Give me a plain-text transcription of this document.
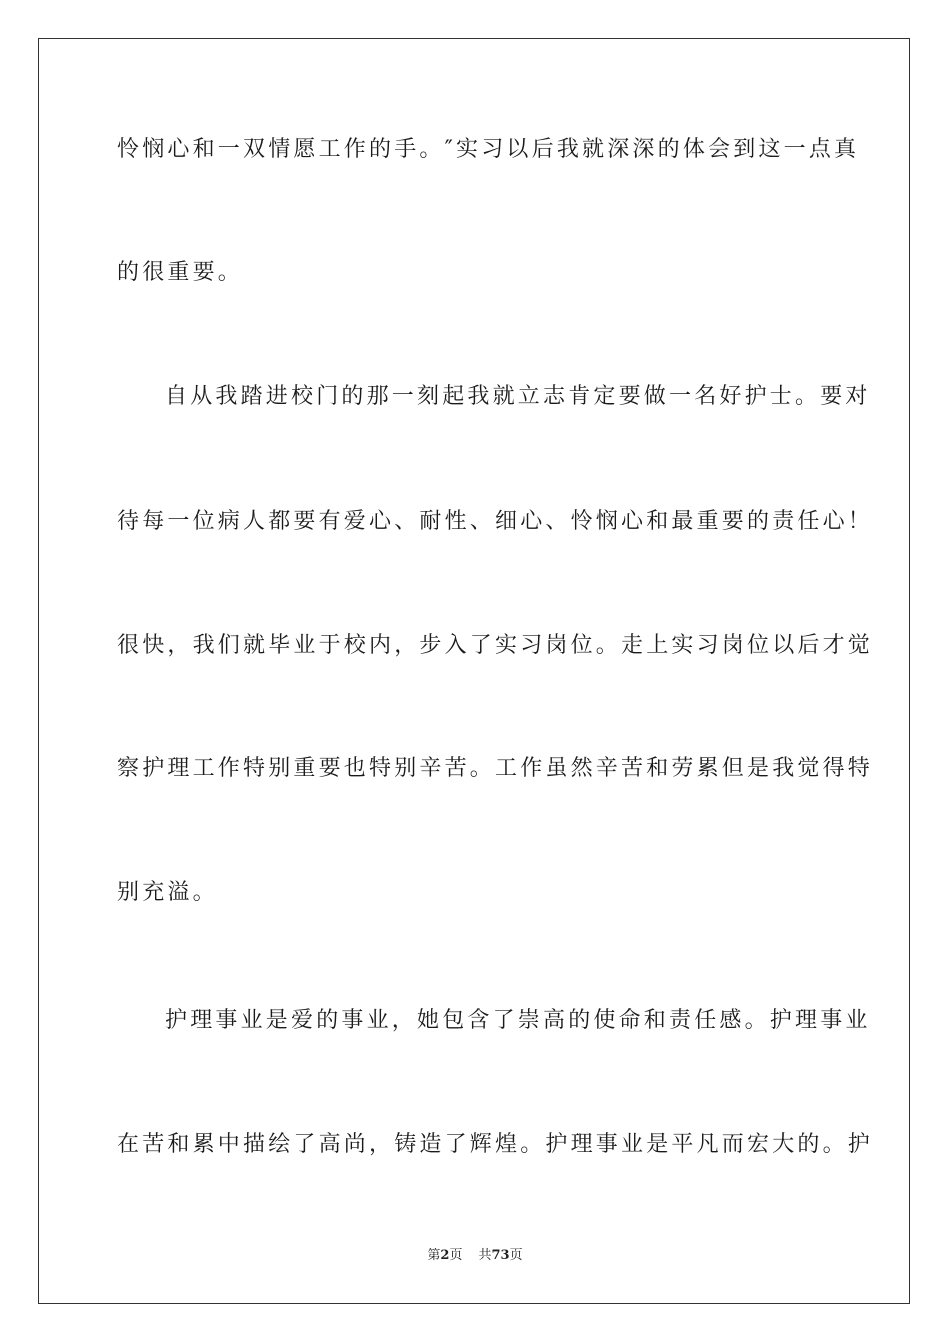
怜悯心和一双情愿工作的手。″实习以后我就深深的体会到这一点真
的很重要。
自从我踏进校门的那一刻起我就立志肯定要做一名好护士。要对
待每一位病人都要有爱心、耐性、细心、怜悯心和最重要的责任心！
很快，我们就毕业于校内，步入了实习岗位。走上实习岗位以后才觉
察护理工作特别重要也特别辛苦。工作虽然辛苦和劳累但是我觉得特
别充溢。
护理事业是爱的事业，她包含了崇高的使命和责任感。护理事业
在苦和累中描绘了高尚，铸造了辉煌。护理事业是平凡而宏大的。护
第2页 共73页
